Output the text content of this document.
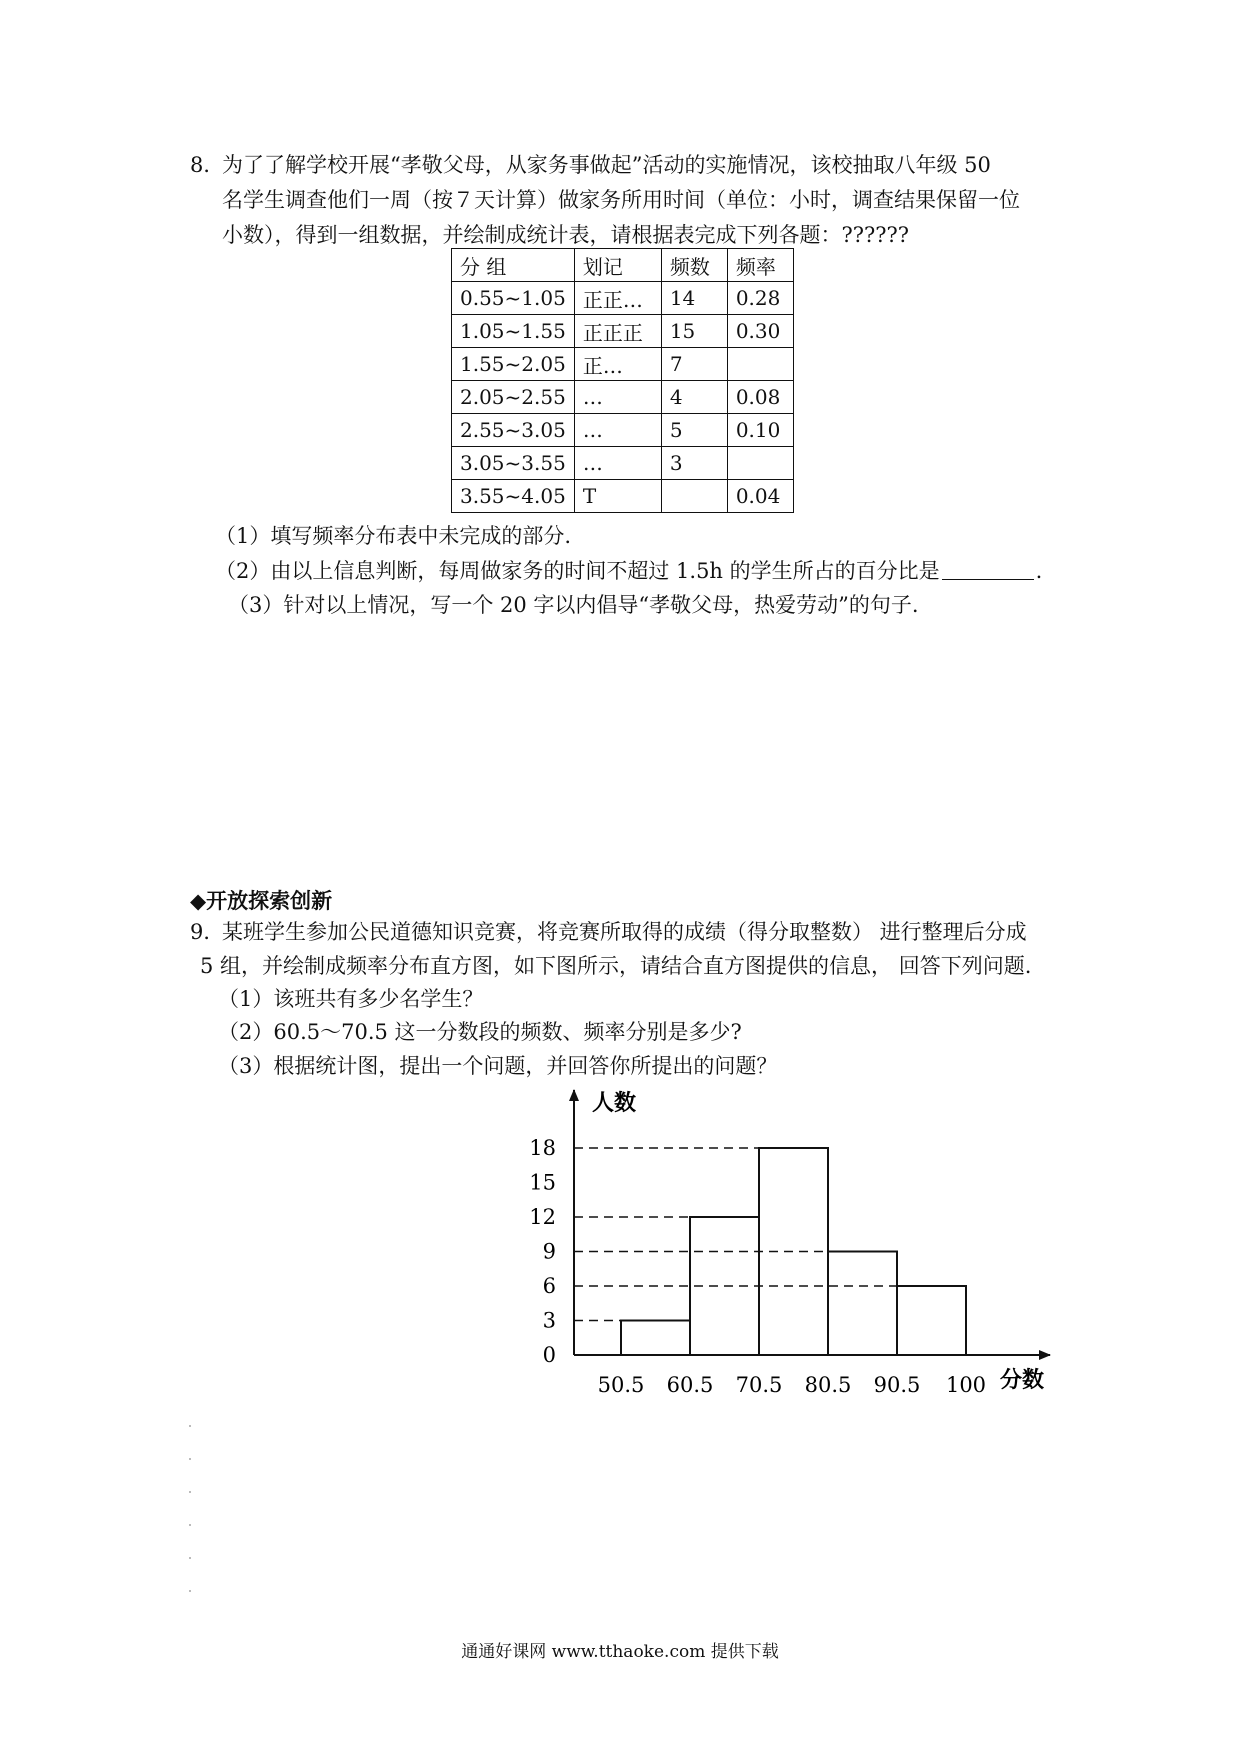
8．
为了了解学校开展“孝敬父母，从家务事做起”活动的实施情况，该校抽取八年级 50
名学生调查他们一周（按７天计算）做家务所用时间（单位：小时，调查结果保留一位
小数），得到一组数据，并绘制成统计表，请根据表完成下列各题：??????
分 组	划记	频数	频率
0.55~1.05	正正…	14	0.28
1.05~1.55	正正正	15	0.30
1.55~2.05	正…	7	
2.05~2.55	…	4	0.08
2.55~3.05	…	5	0.10
3.05~3.55	…	3	
3.55~4.05	T		0.04
（1）填写频率分布表中未完成的部分.
（2）由以上信息判断，每周做家务的时间不超过 1.5h 的学生所占的百分比是	.
（3）针对以上情况，写一个 20 字以内倡导“孝敬父母，热爱劳动”的句子.
◆开放探索创新
9．
某班学生参加公民道德知识竞赛，将竞赛所取得的成绩（得分取整数） 进行整理后分成
5 组，并绘制成频率分布直方图，如下图所示，请结合直方图提供的信息， 回答下列问题.
（1）该班共有多少名学生？
（2）60.5～70.5 这一分数段的频数、频率分别是多少?
（3）根据统计图，提出一个问题，并回答你所提出的问题？
0
3
6
9
12
15
18
50.5 60.5 70.5 80.5 90.5 100
人数
分数
通通好课网 www.tthaoke.com 提供下载
